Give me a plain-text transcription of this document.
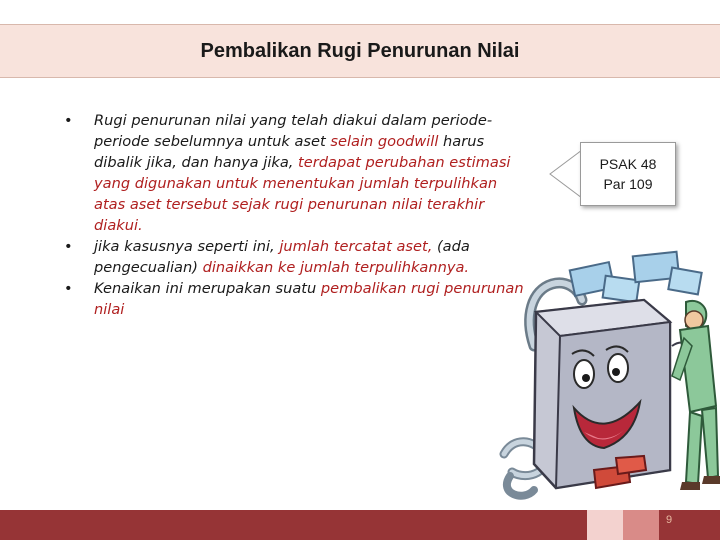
Pembalikan Rugi Penurunan Nilai
• Rugi penurunan nilai yang telah diakui dalam periode-periode sebelumnya untuk aset selain goodwill harus dibalik jika, dan hanya jika, terdapat perubahan estimasi yang digunakan untuk menentukan jumlah terpulihkan atas aset tersebut sejak rugi penurunan nilai terakhir diakui.
• jika kasusnya seperti ini, jumlah tercatat aset, (ada pengecualian) dinaikkan ke jumlah terpulihkannya.
• Kenaikan ini merupakan suatu pembalikan rugi penurunan nilai
PSAK 48
Par 109
9
